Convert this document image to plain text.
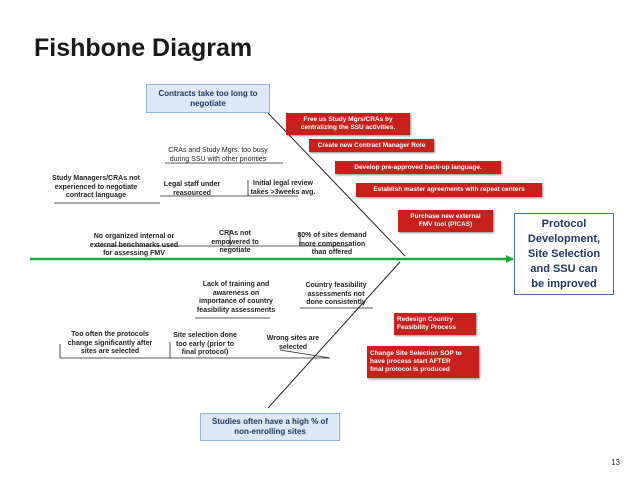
Fishbone Diagram
Contracts take too long to
negotiate
Studies often have a high % of
non-enrolling sites
Protocol
Development,
Site Selection
and SSU can
be improved
CRAs and Study Mgrs. too busy
during SSU with other priorities
Study Managers/CRAs not
experienced to negotiate
contract language
Legal staff under
reasourced
Initial legal review
takes >3weeks avg.
No organized internal or
external benchmarks used
for assessing FMV
CRAs not
empowered to
negotiate
80% of sites demand
more compensation
than offered
Lack of training and
awareness on
importance of country
feasibility assessments
Country feasibility
assessments not
done consistently
Too often the protocols
change significantly after
sites are selected
Site selection done
too early (prior to
final protocol)
Wrong sites are
selected
Free us Study Mgrs/CRAs by
centralizing the SSU activities.
Create new Contract Manager Role
Develop pre-approved back-up language.
Establish master agreements with repeat centers
Purchase new external
FMV tool (PICAS)
Redesign Country
Feasibility Process
Change Site Selection SOP to
have process start AFTER
final protocol is produced
13
